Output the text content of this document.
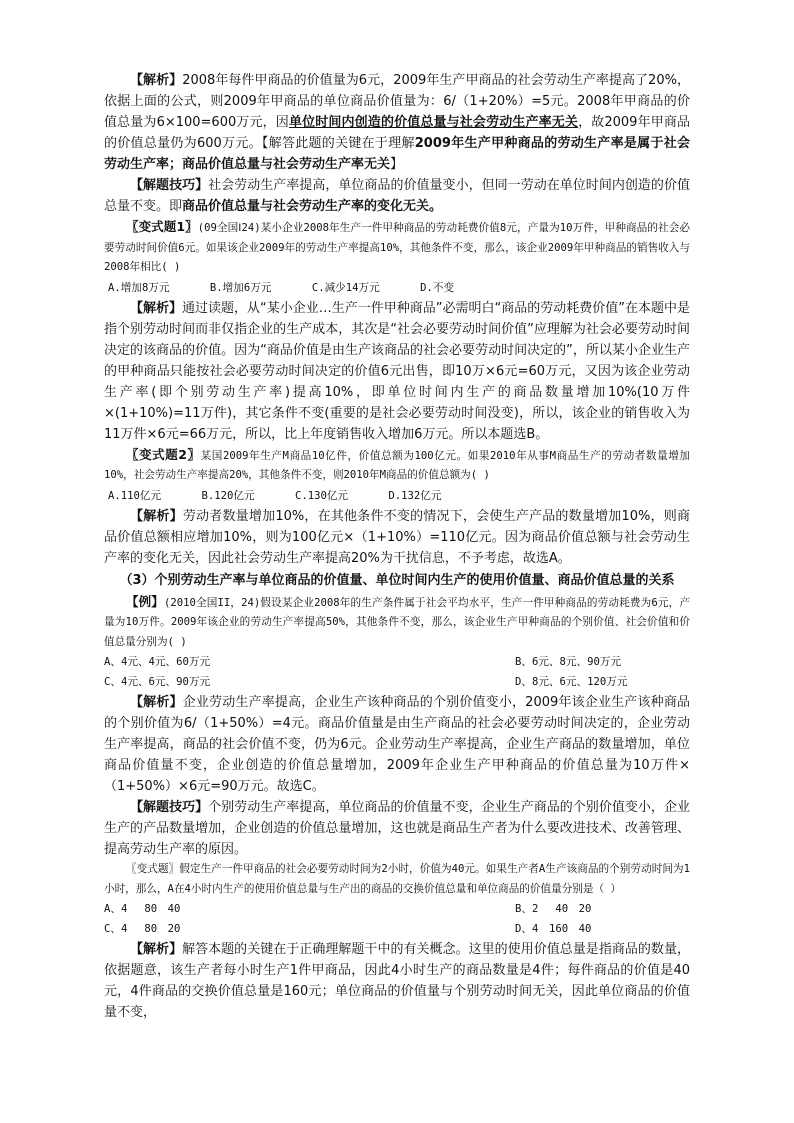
【解析】2008年每件甲商品的价值量为6元，2009年生产甲商品的社会劳动生产率提高了20%，依据上面的公式，则2009年甲商品的单位商品价值量为：6/（1+20%）=5元。2008年甲商品的价值总量为6×100=600万元，因单位时间内创造的价值总量与社会劳动生产率无关，故2009年甲商品的价值总量仍为600万元。【解答此题的关键在于理解2009年生产甲种商品的劳动生产率是属于社会劳动生产率；商品价值总量与社会劳动生产率无关】

【解题技巧】社会劳动生产率提高，单位商品的价值量变小，但同一劳动在单位时间内创造的价值总量不变。即商品价值总量与社会劳动生产率的变化无关。

〖变式题1〗(09全国Ⅰ24)某小企业2008年生产一件甲种商品的劳动耗费价值8元，产量为10万件，甲种商品的社会必要劳动时间价值6元。如果该企业2009年的劳动生产率提高10%，其他条件不变，那么，该企业2009年甲种商品的销售收入与2008年相比( )

A.增加8万元	B.增加6万元	C.减少14万元	D.不变

【解析】通过读题，从“某小企业…生产一件甲种商品”必需明白“商品的劳动耗费价值”在本题中是指个别劳动时间而非仅指企业的生产成本，其次是“社会必要劳动时间价值”应理解为社会必要劳动时间决定的该商品的价值。因为“商品价值是由生产该商品的社会必要劳动时间决定的”，所以某小企业生产的甲种商品只能按社会必要劳动时间决定的价值6元出售，即10万×6元=60万元，又因为该企业劳动生产率(即个别劳动生产率)提高10%，即单位时间内生产的商品数量增加10%(10万件×(1+10%)=11万件)，其它条件不变(重要的是社会必要劳动时间没变)，所以，该企业的销售收入为11万件×6元=66万元，所以，比上年度销售收入增加6万元。所以本题选B。

〖变式题2〗某国2009年生产M商品10亿件，价值总额为100亿元。如果2010年从事M商品生产的劳动者数量增加10%，社会劳动生产率提高20%，其他条件不变，则2010年M商品的价值总额为( )

A.110亿元	B.120亿元	C.130亿元	D.132亿元

【解析】劳动者数量增加10%，在其他条件不变的情况下，会使生产产品的数量增加10%，则商品价值总额相应增加10%，则为100亿元×（1+10%）=110亿元。因为商品价值总额与社会劳动生产率的变化无关，因此社会劳动生产率提高20%为干扰信息，不予考虑，故选A。

（3）个别劳动生产率与单位商品的价值量、单位时间内生产的使用价值量、商品价值总量的关系

【例】(2010全国II，24)假设某企业2008年的生产条件属于社会平均水平，生产一件甲种商品的劳动耗费为6元，产量为10万件。2009年该企业的劳动生产率提高50%，其他条件不变，那么，该企业生产甲种商品的个别价值、社会价值和价值总量分别为( )

A、4元、4元、60万元	B、6元、8元、90万元
C、4元、6元、90万元	D、8元、6元、120万元

【解析】企业劳动生产率提高，企业生产该种商品的个别价值变小，2009年该企业生产该种商品的个别价值为6/（1+50%）=4元。商品价值量是由生产商品的社会必要劳动时间决定的，企业劳动生产率提高，商品的社会价值不变，仍为6元。企业劳动生产率提高，企业生产商品的数量增加，单位商品价值量不变，企业创造的价值总量增加，2009年企业生产甲种商品的价值总量为10万件×（1+50%）×6元=90万元。故选C。

【解题技巧】个别劳动生产率提高，单位商品的价值量不变，企业生产商品的个别价值变小，企业生产的产品数量增加，企业创造的价值总量增加，这也就是商品生产者为什么要改进技术、改善管理、提高劳动生产率的原因。

〖变式题〗假定生产一件甲商品的社会必要劳动时间为2小时，价值为40元。如果生产者A生产该商品的个别劳动时间为1小时，那么，A在4小时内生产的使用价值总量与生产出的商品的交换价值总量和单位商品的价值量分别是（ ）

A、4　 80　40	B、2　 40　20
C、4　 80　20	D、4　160　40

【解析】解答本题的关键在于正确理解题干中的有关概念。这里的使用价值总量是指商品的数量，依据题意，该生产者每小时生产1件甲商品，因此4小时生产的商品数量是4件；每件商品的价值是40元，4件商品的交换价值总量是160元；单位商品的价值量与个别劳动时间无关，因此单位商品的价值量不变，
